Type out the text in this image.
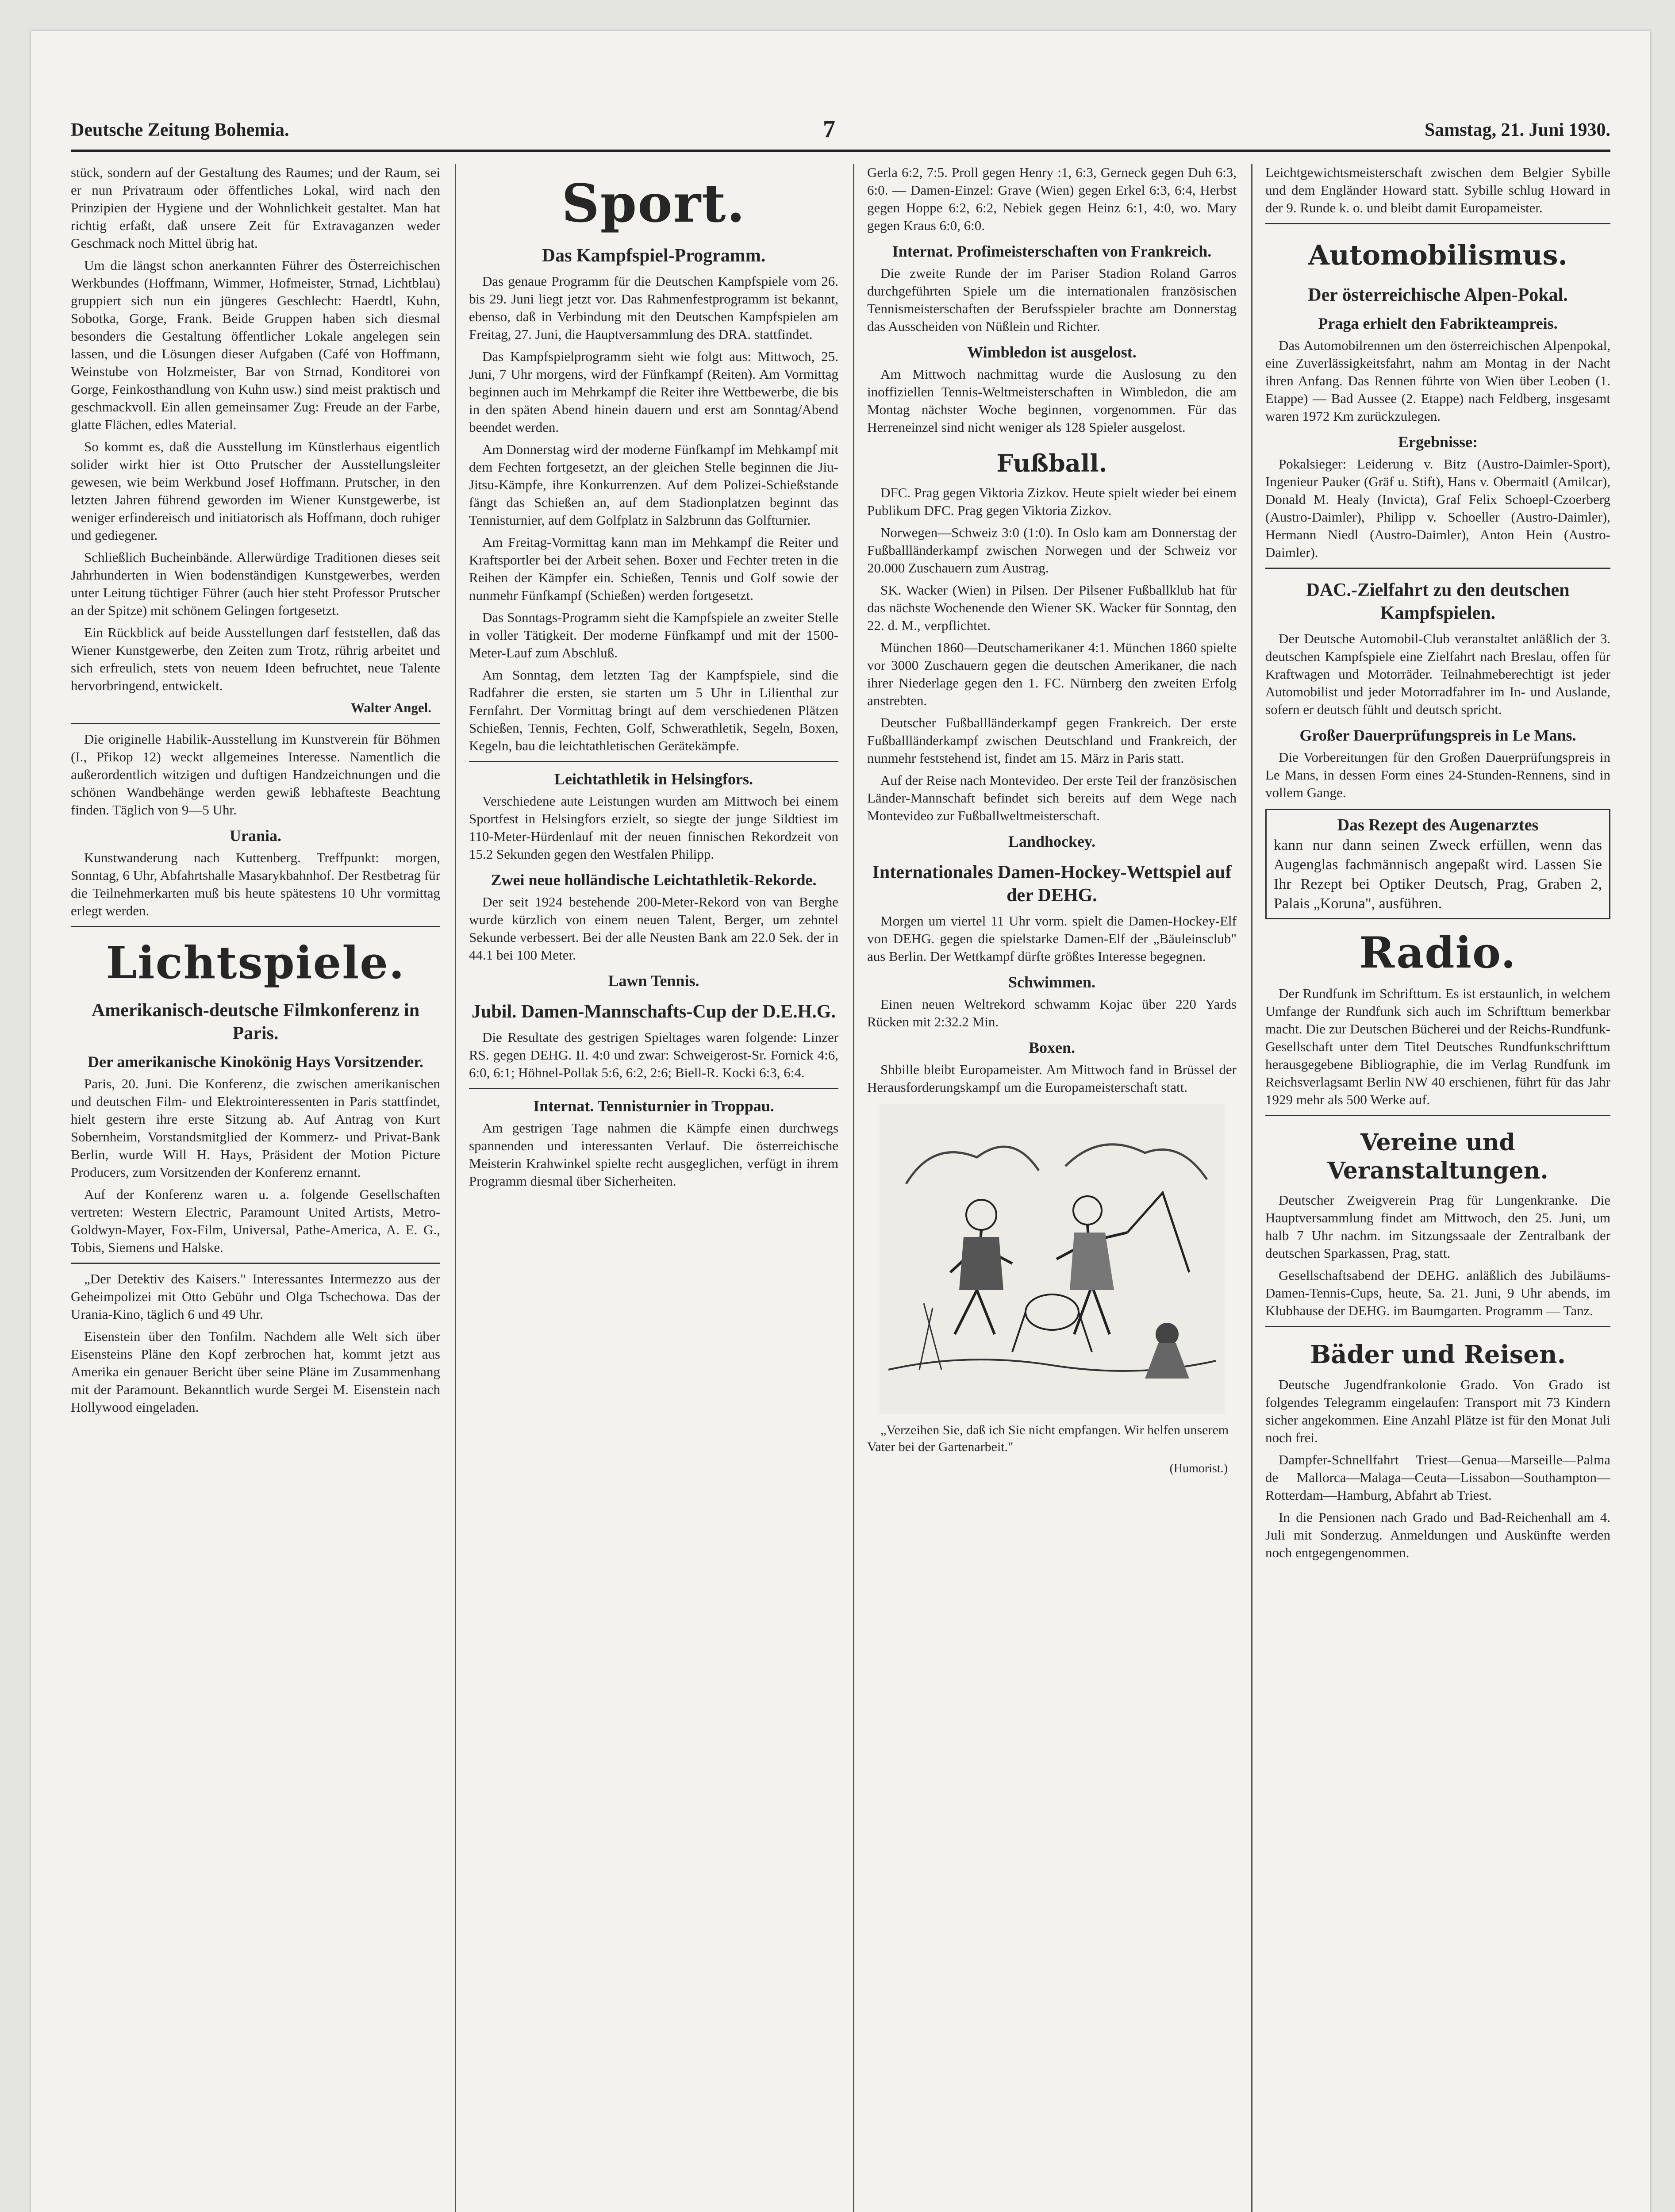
Deutsche Zeitung Bohemia.	7	Samstag, 21. Juni 1930.

stück, sondern auf der Gestaltung des Raumes; und der Raum, sei er nun Privatraum oder öffentliches Lokal, wird nach den Prinzipien der Hygiene und der Wohnlichkeit gestaltet. Man hat richtig erfaßt, daß unsere Zeit für Extravaganzen weder Geschmack noch Mittel übrig hat.

Um die längst schon anerkannten Führer des Österreichischen Werkbundes (Hoffmann, Wimmer, Hofmeister, Strnad, Lichtblau) gruppiert sich nun ein jüngeres Geschlecht: Haerdtl, Kuhn, Sobotka, Gorge, Frank. Beide Gruppen haben sich diesmal besonders die Gestaltung öffentlicher Lokale angelegen sein lassen, und die Lösungen dieser Aufgaben (Café von Hoffmann, Weinstube von Holzmeister, Bar von Strnad, Konditorei von Gorge, Feinkosthandlung von Kuhn usw.) sind meist praktisch und geschmackvoll. Ein allen gemeinsamer Zug: Freude an der Farbe, glatte Flächen, edles Material.

So kommt es, daß die Ausstellung im Künstlerhaus eigentlich solider wirkt hier ist Otto Prutscher der Ausstellungsleiter gewesen, wie beim Werkbund Josef Hoffmann. Prutscher, in den letzten Jahren führend geworden im Wiener Kunstgewerbe, ist weniger erfindereisch und initiatorisch als Hoffmann, doch ruhiger und gediegener.

Schließlich Bucheinbände. Allerwürdige Traditionen dieses seit Jahrhunderten in Wien bodenständigen Kunstgewerbes, werden unter Leitung tüchtiger Führer (auch hier steht Professor Prutscher an der Spitze) mit schönem Gelingen fortgesetzt.

Ein Rückblick auf beide Ausstellungen darf feststellen, daß das Wiener Kunstgewerbe, den Zeiten zum Trotz, rührig arbeitet und sich erfreulich, stets von neuem Ideen befruchtet, neue Talente hervorbringend, entwickelt.

Walter Angel.

Die originelle Habilik-Ausstellung im Kunstverein für Böhmen (I., Přikop 12) weckt allgemeines Interesse. Namentlich die außerordentlich witzigen und duftigen Handzeichnungen und die schönen Wandbehänge werden gewiß lebhafteste Beachtung finden. Täglich von 9—5 Uhr.

Urania.

Kunstwanderung nach Kuttenberg. Treffpunkt: morgen, Sonntag, 6 Uhr, Abfahrtshalle Masarykbahnhof. Der Restbetrag für die Teilnehmerkarten muß bis heute spätestens 10 Uhr vormittag erlegt werden.

Lichtspiele.
Amerikanisch-deutsche Filmkonferenz in Paris.
Der amerikanische Kinokönig Hays Vorsitzender.

Paris, 20. Juni. Die Konferenz, die zwischen amerikanischen und deutschen Film- und Elektrointeressenten in Paris stattfindet, hielt gestern ihre erste Sitzung ab. Auf Antrag von Kurt Sobernheim, Vorstandsmitglied der Kommerz- und Privat-Bank Berlin, wurde Will H. Hays, Präsident der Motion Picture Producers, zum Vorsitzenden der Konferenz ernannt.

Auf der Konferenz waren u. a. folgende Gesellschaften vertreten: Western Electric, Paramount United Artists, Metro-Goldwyn-Mayer, Fox-Film, Universal, Pathe-America, A. E. G., Tobis, Siemens und Halske.

„Der Detektiv des Kaisers." Interessantes Intermezzo aus der Geheimpolizei mit Otto Gebühr und Olga Tschechowa. Das der Urania-Kino, täglich 6 und 49 Uhr.

Eisenstein über den Tonfilm. Nachdem alle Welt sich über Eisensteins Pläne den Kopf zerbrochen hat, kommt jetzt aus Amerika ein genauer Bericht über seine Pläne im Zusammenhang mit der Paramount. Bekanntlich wurde Sergei M. Eisenstein nach Hollywood eingeladen.

Sport.
Das Kampfspiel-Programm.

Das genaue Programm für die Deutschen Kampfspiele vom 26. bis 29. Juni liegt jetzt vor. Das Rahmenfestprogramm ist bekannt, ebenso, daß in Verbindung mit den Deutschen Kampfspielen am Freitag, 27. Juni, die Hauptversammlung des DRA. stattfindet.

Das Kampfspielprogramm sieht wie folgt aus: Mittwoch, 25. Juni, 7 Uhr morgens, wird der Fünfkampf (Reiten). Am Vormittag beginnen auch im Mehrkampf die Reiter ihre Wettbewerbe, die bis in den späten Abend hinein dauern und erst am Sonntag/Abend beendet werden.

Am Donnerstag wird der moderne Fünfkampf im Mehkampf mit dem Fechten fortgesetzt, an der gleichen Stelle beginnen die Jiu-Jitsu-Kämpfe, ihre Konkurrenzen. Auf dem Polizei-Schießstande fängt das Schießen an, auf dem Stadionplatzen beginnt das Tennisturnier, auf dem Golfplatz in Salzbrunn das Golfturnier.

Am Freitag-Vormittag kann man im Mehkampf die Reiter und Kraftsportler bei der Arbeit sehen. Boxer und Fechter treten in die Reihen der Kämpfer ein. Schießen, Tennis und Golf sowie der nunmehr Fünfkampf (Schießen) werden fortgesetzt.

Das Sonntags-Programm sieht die Kampfspiele an zweiter Stelle in voller Tätigkeit. Der moderne Fünfkampf und mit der 1500-Meter-Lauf zum Abschluß.

Am Sonntag, dem letzten Tag der Kampfspiele, sind die Radfahrer die ersten, sie starten um 5 Uhr in Lilienthal zur Fernfahrt. Der Vormittag bringt auf dem verschiedenen Plätzen Schießen, Tennis, Fechten, Golf, Schwerathletik, Segeln, Boxen, Kegeln, bau die leichtathletischen Gerätekämpfe.

Leichtathletik in Helsingfors.

Verschiedene aute Leistungen wurden am Mittwoch bei einem Sportfest in Helsingfors erzielt, so siegte der junge Sildtiest im 110-Meter-Hürdenlauf mit der neuen finnischen Rekordzeit von 15.2 Sekunden gegen den Westfalen Philipp.

Zwei neue holländische Leichtathletik-Rekorde.

Der seit 1924 bestehende 200-Meter-Rekord von van Berghe wurde kürzlich von einem neuen Talent, Berger, um zehntel Sekunde verbessert. Bei der alle Neusten Bank am 22.0 Sek. der in 44.1 bei 100 Meter.

Lawn Tennis.
Jubil. Damen-Mannschafts-Cup der D.E.H.G.

Die Resultate des gestrigen Spieltages waren folgende: Linzer RS. gegen DEHG. II. 4:0 und zwar: Schweigerost-Sr. Fornick 4:6, 6:0, 6:1; Höhnel-Pollak 5:6, 6:2, 2:6; Biell-R. Kocki 6:3, 6:4.

Internat. Tennisturnier in Troppau.

Am gestrigen Tage nahmen die Kämpfe einen durchwegs spannenden und interessanten Verlauf. Die österreichische Meisterin Krahwinkel spielte recht ausgeglichen, verfügt in ihrem Programm diesmal über Sicherheiten.

Gerla 6:2, 7:5. Proll gegen Henry :1, 6:3, Gerneck gegen Duh 6:3, 6:0. — Damen-Einzel: Grave (Wien) gegen Erkel 6:3, 6:4, Herbst gegen Hoppe 6:2, 6:2, Nebiek gegen Heinz 6:1, 4:0, wo. Mary gegen Kraus 6:0, 6:0.

Internat. Profimeisterschaften von Frankreich.

Die zweite Runde der im Pariser Stadion Roland Garros durchgeführten Spiele um die internationalen französischen Tennismeisterschaften der Berufsspieler brachte am Donnerstag das Ausscheiden von Nüßlein und Richter.

Wimbledon ist ausgelost.

Am Mittwoch nachmittag wurde die Auslosung zu den inoffiziellen Tennis-Weltmeisterschaften in Wimbledon, die am Montag nächster Woche beginnen, vorgenommen. Für das Herreneinzel sind nicht weniger als 128 Spieler ausgelost.

Fußball.

DFC. Prag gegen Viktoria Zizkov. Heute spielt wieder bei einem Publikum DFC. Prag gegen Viktoria Zizkov.

Norwegen—Schweiz 3:0 (1:0). In Oslo kam am Donnerstag der Fußballländerkampf zwischen Norwegen und der Schweiz vor 20.000 Zuschauern zum Austrag.

SK. Wacker (Wien) in Pilsen. Der Pilsener Fußballklub hat für das nächste Wochenende den Wiener SK. Wacker für Sonntag, den 22. d. M., verpflichtet.

München 1860—Deutschamerikaner 4:1. München 1860 spielte vor 3000 Zuschauern gegen die deutschen Amerikaner, die nach ihrer Niederlage gegen den 1. FC. Nürnberg den zweiten Erfolg anstrebten.

Deutscher Fußballländerkampf gegen Frankreich. Der erste Fußballländerkampf zwischen Deutschland und Frankreich, der nunmehr feststehend ist, findet am 15. März in Paris statt.

Auf der Reise nach Montevideo. Der erste Teil der französischen Länder-Mannschaft befindet sich bereits auf dem Wege nach Montevideo zur Fußballweltmeisterschaft.

Landhockey.
Internationales Damen-Hockey-Wettspiel auf der DEHG.

Morgen um viertel 11 Uhr vorm. spielt die Damen-Hockey-Elf von DEHG. gegen die spielstarke Damen-Elf der „Bäuleinsclub" aus Berlin. Der Wettkampf dürfte größtes Interesse begegnen.

Schwimmen.

Einen neuen Weltrekord schwamm Kojac über 220 Yards Rücken mit 2:32.2 Min.

Boxen.

Shbille bleibt Europameister. Am Mittwoch fand in Brüssel der Herausforderungskampf um die Europameisterschaft statt.

„Verzeihen Sie, daß ich Sie nicht empfangen. Wir helfen unserem Vater bei der Gartenarbeit."

(Humorist.)

Leichtgewichtsmeisterschaft zwischen dem Belgier Sybille und dem Engländer Howard statt. Sybille schlug Howard in der 9. Runde k. o. und bleibt damit Europameister.

Automobilismus.
Der österreichische Alpen-Pokal.
Praga erhielt den Fabrikteampreis.

Das Automobilrennen um den österreichischen Alpenpokal, eine Zuverlässigkeitsfahrt, nahm am Montag in der Nacht ihren Anfang. Das Rennen führte von Wien über Leoben (1. Etappe) — Bad Aussee (2. Etappe) nach Feldberg, insgesamt waren 1972 Km zurückzulegen.

Ergebnisse:

Pokalsieger: Leiderung v. Bitz (Austro-Daimler-Sport), Ingenieur Pauker (Gräf u. Stift), Hans v. Obermaitl (Amilcar), Donald M. Healy (Invicta), Graf Felix Schoepl-Czoerberg (Austro-Daimler), Philipp v. Schoeller (Austro-Daimler), Hermann Niedl (Austro-Daimler), Anton Hein (Austro-Daimler).

DAC.-Zielfahrt zu den deutschen Kampfspielen.

Der Deutsche Automobil-Club veranstaltet anläßlich der 3. deutschen Kampfspiele eine Zielfahrt nach Breslau, offen für Kraftwagen und Motorräder. Teilnahmeberechtigt ist jeder Automobilist und jeder Motorradfahrer im In- und Auslande, sofern er deutsch fühlt und deutsch spricht.

Großer Dauerprüfungspreis in Le Mans.

Die Vorbereitungen für den Großen Dauerprüfungspreis in Le Mans, in dessen Form eines 24-Stunden-Rennens, sind in vollem Gange.

Das Rezept des Augenarztes
kann nur dann seinen Zweck erfüllen, wenn das Augenglas fachmännisch angepaßt wird. Lassen Sie Ihr Rezept bei Optiker Deutsch, Prag, Graben 2, Palais „Koruna", ausführen.
Radio.

Der Rundfunk im Schrifttum. Es ist erstaunlich, in welchem Umfange der Rundfunk sich auch im Schrifttum bemerkbar macht. Die zur Deutschen Bücherei und der Reichs-Rundfunk-Gesellschaft unter dem Titel Deutsches Rundfunkschrifttum herausgegebene Bibliographie, die im Verlag Rundfunk im Reichsverlagsamt Berlin NW 40 erschienen, führt für das Jahr 1929 mehr als 500 Werke auf.

Vereine und Veranstaltungen.

Deutscher Zweigverein Prag für Lungenkranke. Die Hauptversammlung findet am Mittwoch, den 25. Juni, um halb 7 Uhr nachm. im Sitzungssaale der Zentralbank der deutschen Sparkassen, Prag, statt.

Gesellschaftsabend der DEHG. anläßlich des Jubiläums-Damen-Tennis-Cups, heute, Sa. 21. Juni, 9 Uhr abends, im Klubhause der DEHG. im Baumgarten. Programm — Tanz.

Bäder und Reisen.

Deutsche Jugendfrankolonie Grado. Von Grado ist folgendes Telegramm eingelaufen: Transport mit 73 Kindern sicher angekommen. Eine Anzahl Plätze ist für den Monat Juli noch frei.

Dampfer-Schnellfahrt Triest—Genua—Marseille—Palma de Mallorca—Malaga—Ceuta—Lissabon—Southampton—Rotterdam—Hamburg, Abfahrt ab Triest.

In die Pensionen nach Grado und Bad-Reichenhall am 4. Juli mit Sonderzug. Anmeldungen und Auskünfte werden noch entgegengenommen.
